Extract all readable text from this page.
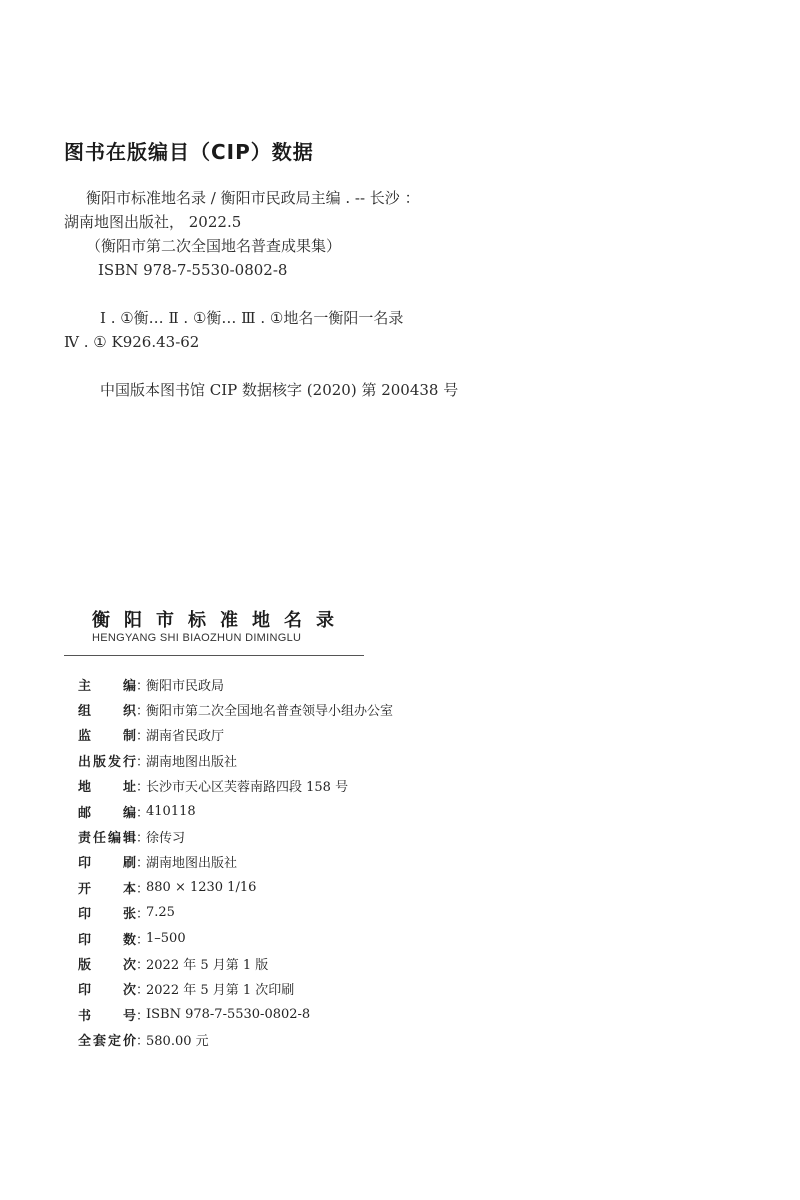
图书在版编目（CIP）数据

衡阳市标准地名录 / 衡阳市民政局主编 . -- 长沙 ：

湖南地图出版社， 2022.5

（衡阳市第二次全国地名普查成果集）

ISBN 978-7-5530-0802-8

Ⅰ . ①衡… Ⅱ . ①衡… Ⅲ . ①地名一衡阳一名录

Ⅳ . ① K926.43-62

中国版本图书馆 CIP 数据核字 (2020) 第 200438 号

衡阳市标准地名录

HENGYANG SHI BIAOZHUN DIMINGLU

主 编 ：
衡阳市民政局
组 织 ：
衡阳市第二次全国地名普查领导小组办公室
监 制 ：
湖南省民政厅
出 版 发 行 ：
湖南地图出版社
地 址 ：
长沙市天心区芙蓉南路四段 158 号
邮 编 ：
410118
责 任 编 辑 ：
徐传习
印 刷 ：
湖南地图出版社
开 本 ：
880 × 1230 1/16
印 张 ：
7.25
印 数 ：
1–500
版 次 ：
2022 年 5 月第 1 版
印 次 ：
2022 年 5 月第 1 次印刷
书 号 ：
ISBN 978-7-5530-0802-8
全 套 定 价 ：
580.00 元
